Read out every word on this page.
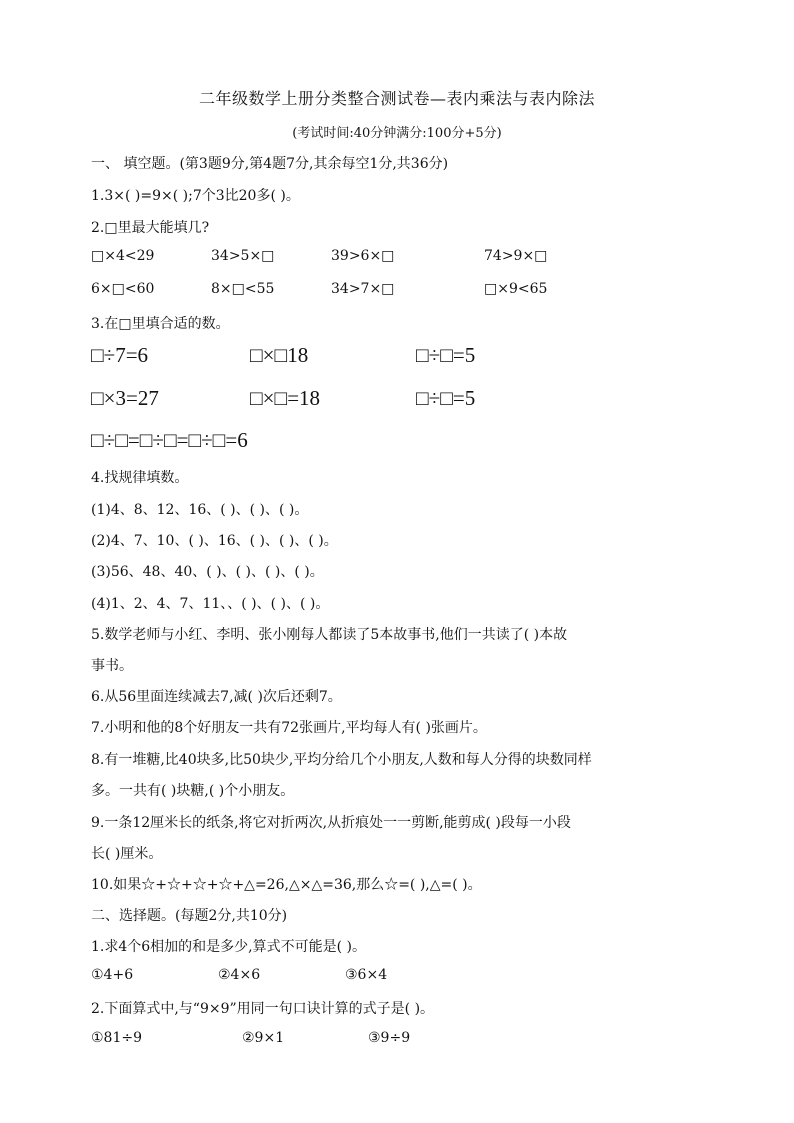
二年级数学上册分类整合测试卷—表内乘法与表内除法
(考试时间:40分钟满分:100分+5分)
一、 填空题。(第3题9分,第4题7分,其余每空1分,共36分)
1.3×( )=9×( );7个3比20多( )。
2.□里最大能填几?
□×4<29	34>5×□	39>6×□	74>9×□
6×□<60	8×□<55	34>7×□	□×9<65
3.在□里填合适的数。
□÷7=6	□×□18	□÷□=5
□×3=27	□×□=18	□÷□=5
□÷□=□÷□=□÷□=6
4.找规律填数。
(1)4、8、12、16、( )、( )、( )。
(2)4、7、10、( )、16、( )、( )、( )。
(3)56、48、40、( )、( )、( )、( )。
(4)1、2、4、7、11、、( )、( )、( )。
5.数学老师与小红、李明、张小刚每人都读了5本故事书,他们一共读了( )本故
事书。
6.从56里面连续减去7,减( )次后还剩7。
7.小明和他的8个好朋友一共有72张画片,平均每人有( )张画片。
8.有一堆糖,比40块多,比50块少,平均分给几个小朋友,人数和每人分得的块数同样
多。一共有( )块糖,( )个小朋友。
9.一条12厘米长的纸条,将它对折两次,从折痕处一一剪断,能剪成( )段每一小段
长( )厘米。
10.如果☆+☆+☆+☆+△=26,△×△=36,那么☆=( ),△=( )。
二、选择题。(每题2分,共10分)
1.求4个6相加的和是多少,算式不可能是( )。
①4+6	②4×6	③6×4
2.下面算式中,与“9×9”用同一句口诀计算的式子是( )。
①81÷9	②9×1	③9÷9
